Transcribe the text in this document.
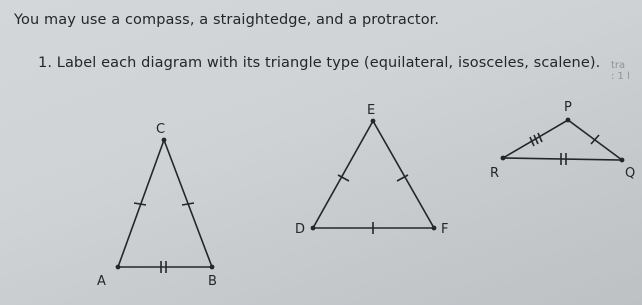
You may use a compass, a straightedge, and a protractor.
1. Label each diagram with its triangle type (equilateral, isosceles, scalene). tra
: 1 l
A	B
C
D
E
F
P
Q
R
